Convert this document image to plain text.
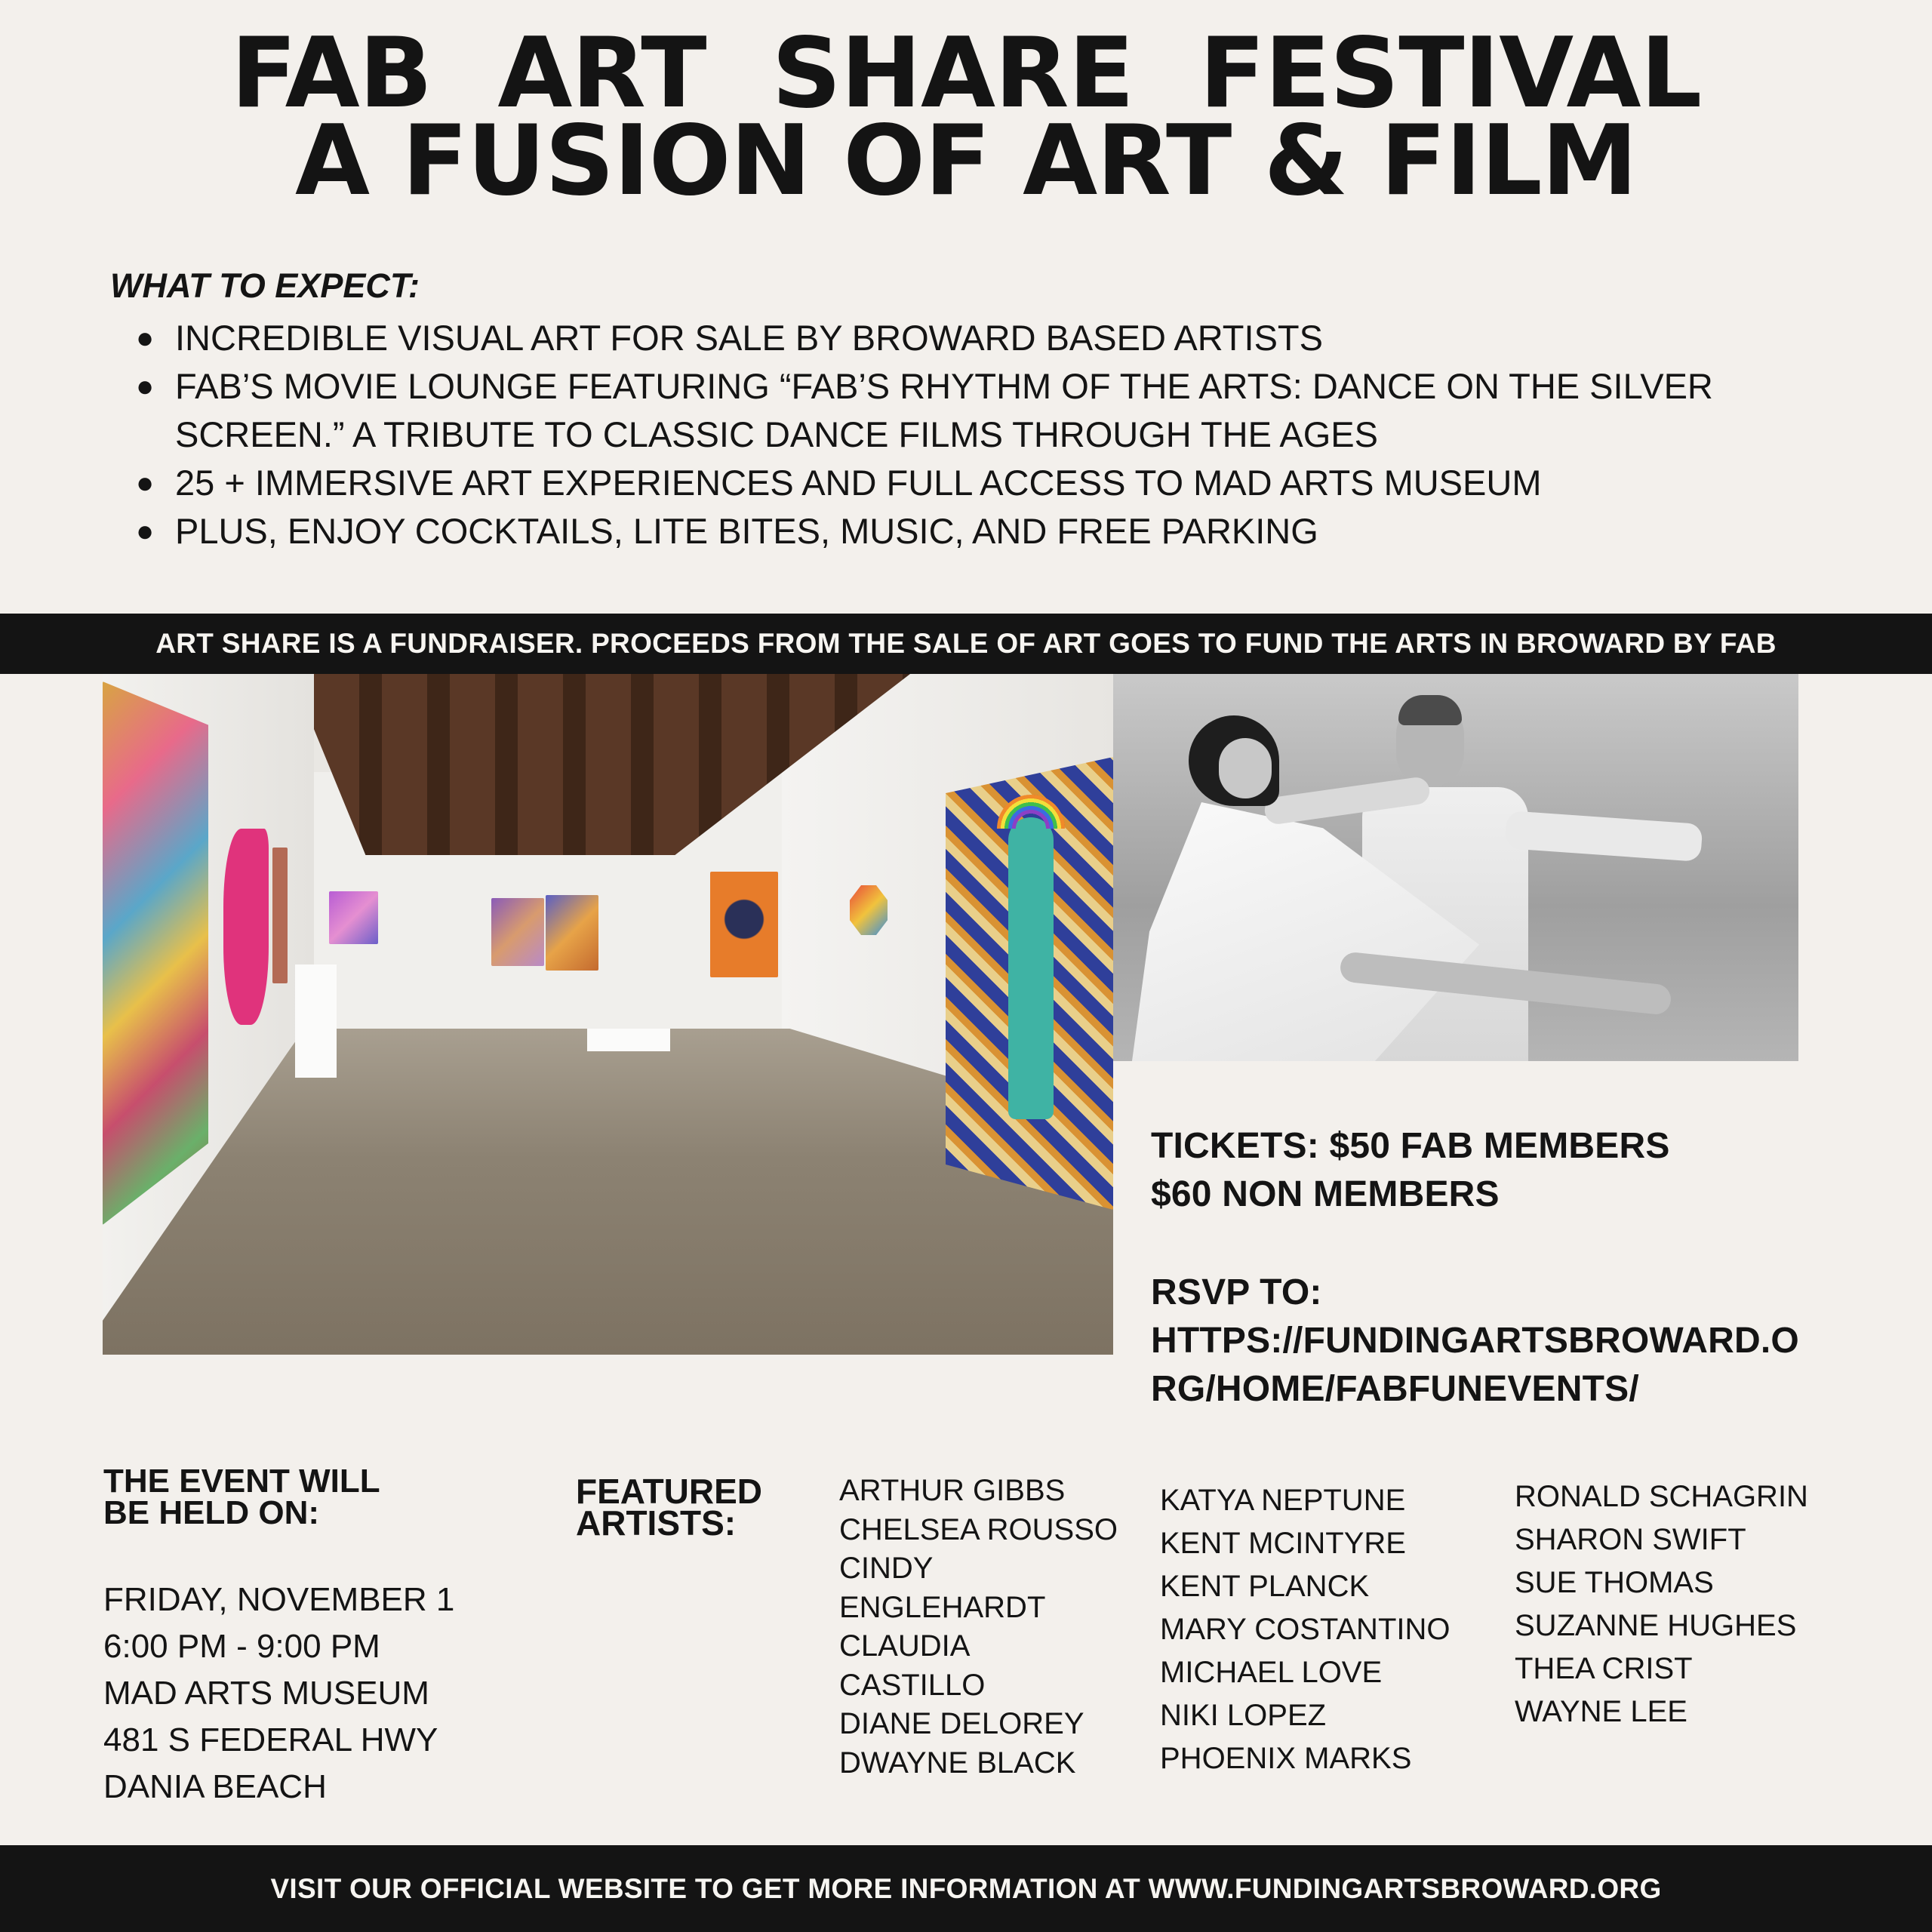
FAB  ART  SHARE  FESTIVAL
A FUSION OF ART & FILM
WHAT TO EXPECT:
● INCREDIBLE VISUAL ART FOR SALE BY BROWARD BASED ARTISTS
● FAB’S MOVIE LOUNGE FEATURING “FAB’S RHYTHM OF THE ARTS: DANCE ON THE SILVER SCREEN.” A TRIBUTE TO CLASSIC DANCE FILMS THROUGH THE AGES
● 25 + IMMERSIVE ART EXPERIENCES AND FULL ACCESS TO MAD ARTS MUSEUM
● PLUS, ENJOY COCKTAILS, LITE BITES, MUSIC, AND FREE PARKING
ART SHARE IS A FUNDRAISER. PROCEEDS FROM THE SALE OF ART GOES TO FUND THE ARTS IN BROWARD BY FAB
TICKETS: $50 FAB MEMBERS
$60 NON MEMBERS
RSVP TO:
HTTPS://FUNDINGARTSBROWARD.O
RG/HOME/FABFUNEVENTS/
THE EVENT WILL
BE HELD ON:
FRIDAY, NOVEMBER 1
6:00 PM - 9:00 PM
MAD ARTS MUSEUM
481 S FEDERAL HWY
DANIA BEACH
FEATURED
ARTISTS:
ARTHUR GIBBS
CHELSEA ROUSSO
CINDY
ENGLEHARDT
CLAUDIA
CASTILLO
DIANE DELOREY
DWAYNE BLACK
KATYA NEPTUNE
KENT MCINTYRE
KENT PLANCK
MARY COSTANTINO
MICHAEL LOVE
NIKI LOPEZ
PHOENIX MARKS
RONALD SCHAGRIN
SHARON SWIFT
SUE THOMAS
SUZANNE HUGHES
THEA CRIST
WAYNE LEE
VISIT OUR OFFICIAL WEBSITE TO GET MORE INFORMATION AT WWW.FUNDINGARTSBROWARD.ORG
